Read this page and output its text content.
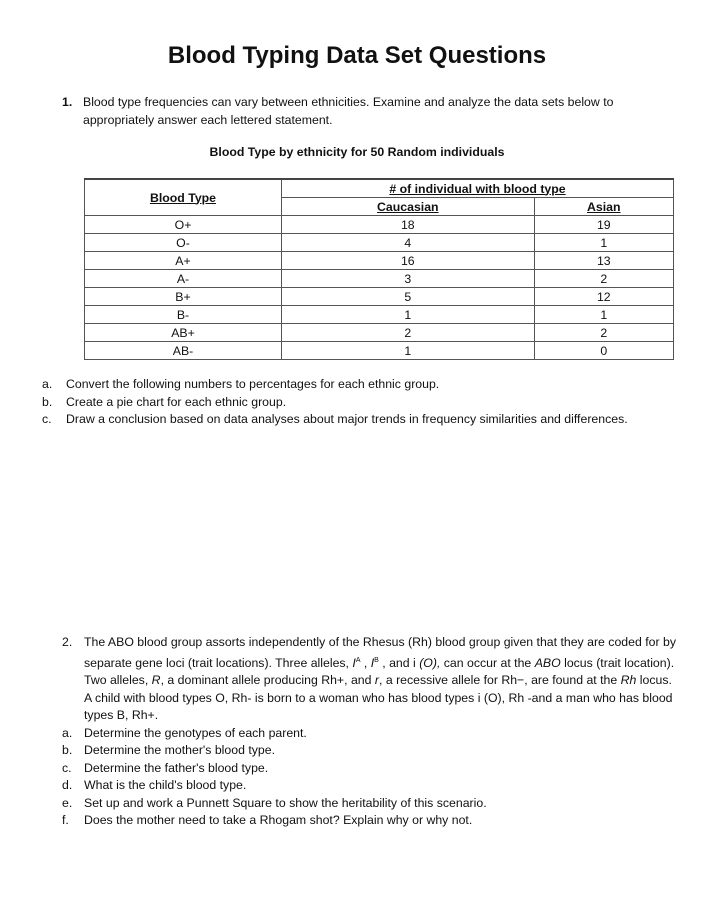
Blood Typing Data Set Questions
1. Blood type frequencies can vary between ethnicities. Examine and analyze the data sets below to appropriately answer each lettered statement.
Blood Type by ethnicity for 50 Random individuals
Blood Type	# of individual with blood type	
	Caucasian	Asian
O+	18	19
O-	4	1
A+	16	13
A-	3	2
B+	5	12
B-	1	1
AB+	2	2
AB-	1	0
a.	Convert the following numbers to percentages for each ethnic group.
b.	Create a pie chart for each ethnic group.
c.	Draw a conclusion based on data analyses about major trends in frequency similarities and differences.
2. The ABO blood group assorts independently of the Rhesus (Rh) blood group given that they are coded for by separate gene loci (trait locations). Three alleles, $I^A$ , $I^B$ , and i (O), can occur at the ABO locus (trait location). Two alleles, R, a dominant allele producing Rh+, and r, a recessive allele for Rh−, are found at the Rh locus. A child with blood types O, Rh- is born to a woman who has blood types i (O), Rh -and a man who has blood types B, Rh+.
a. Determine the genotypes of each parent.
b. Determine the mother's blood type.
c.	Determine the father's blood type.
d. What is the child's blood type.
e. Set up and work a Punnett Square to show the heritability of this scenario.
f.	Does the mother need to take a Rhogam shot? Explain why or why not.
